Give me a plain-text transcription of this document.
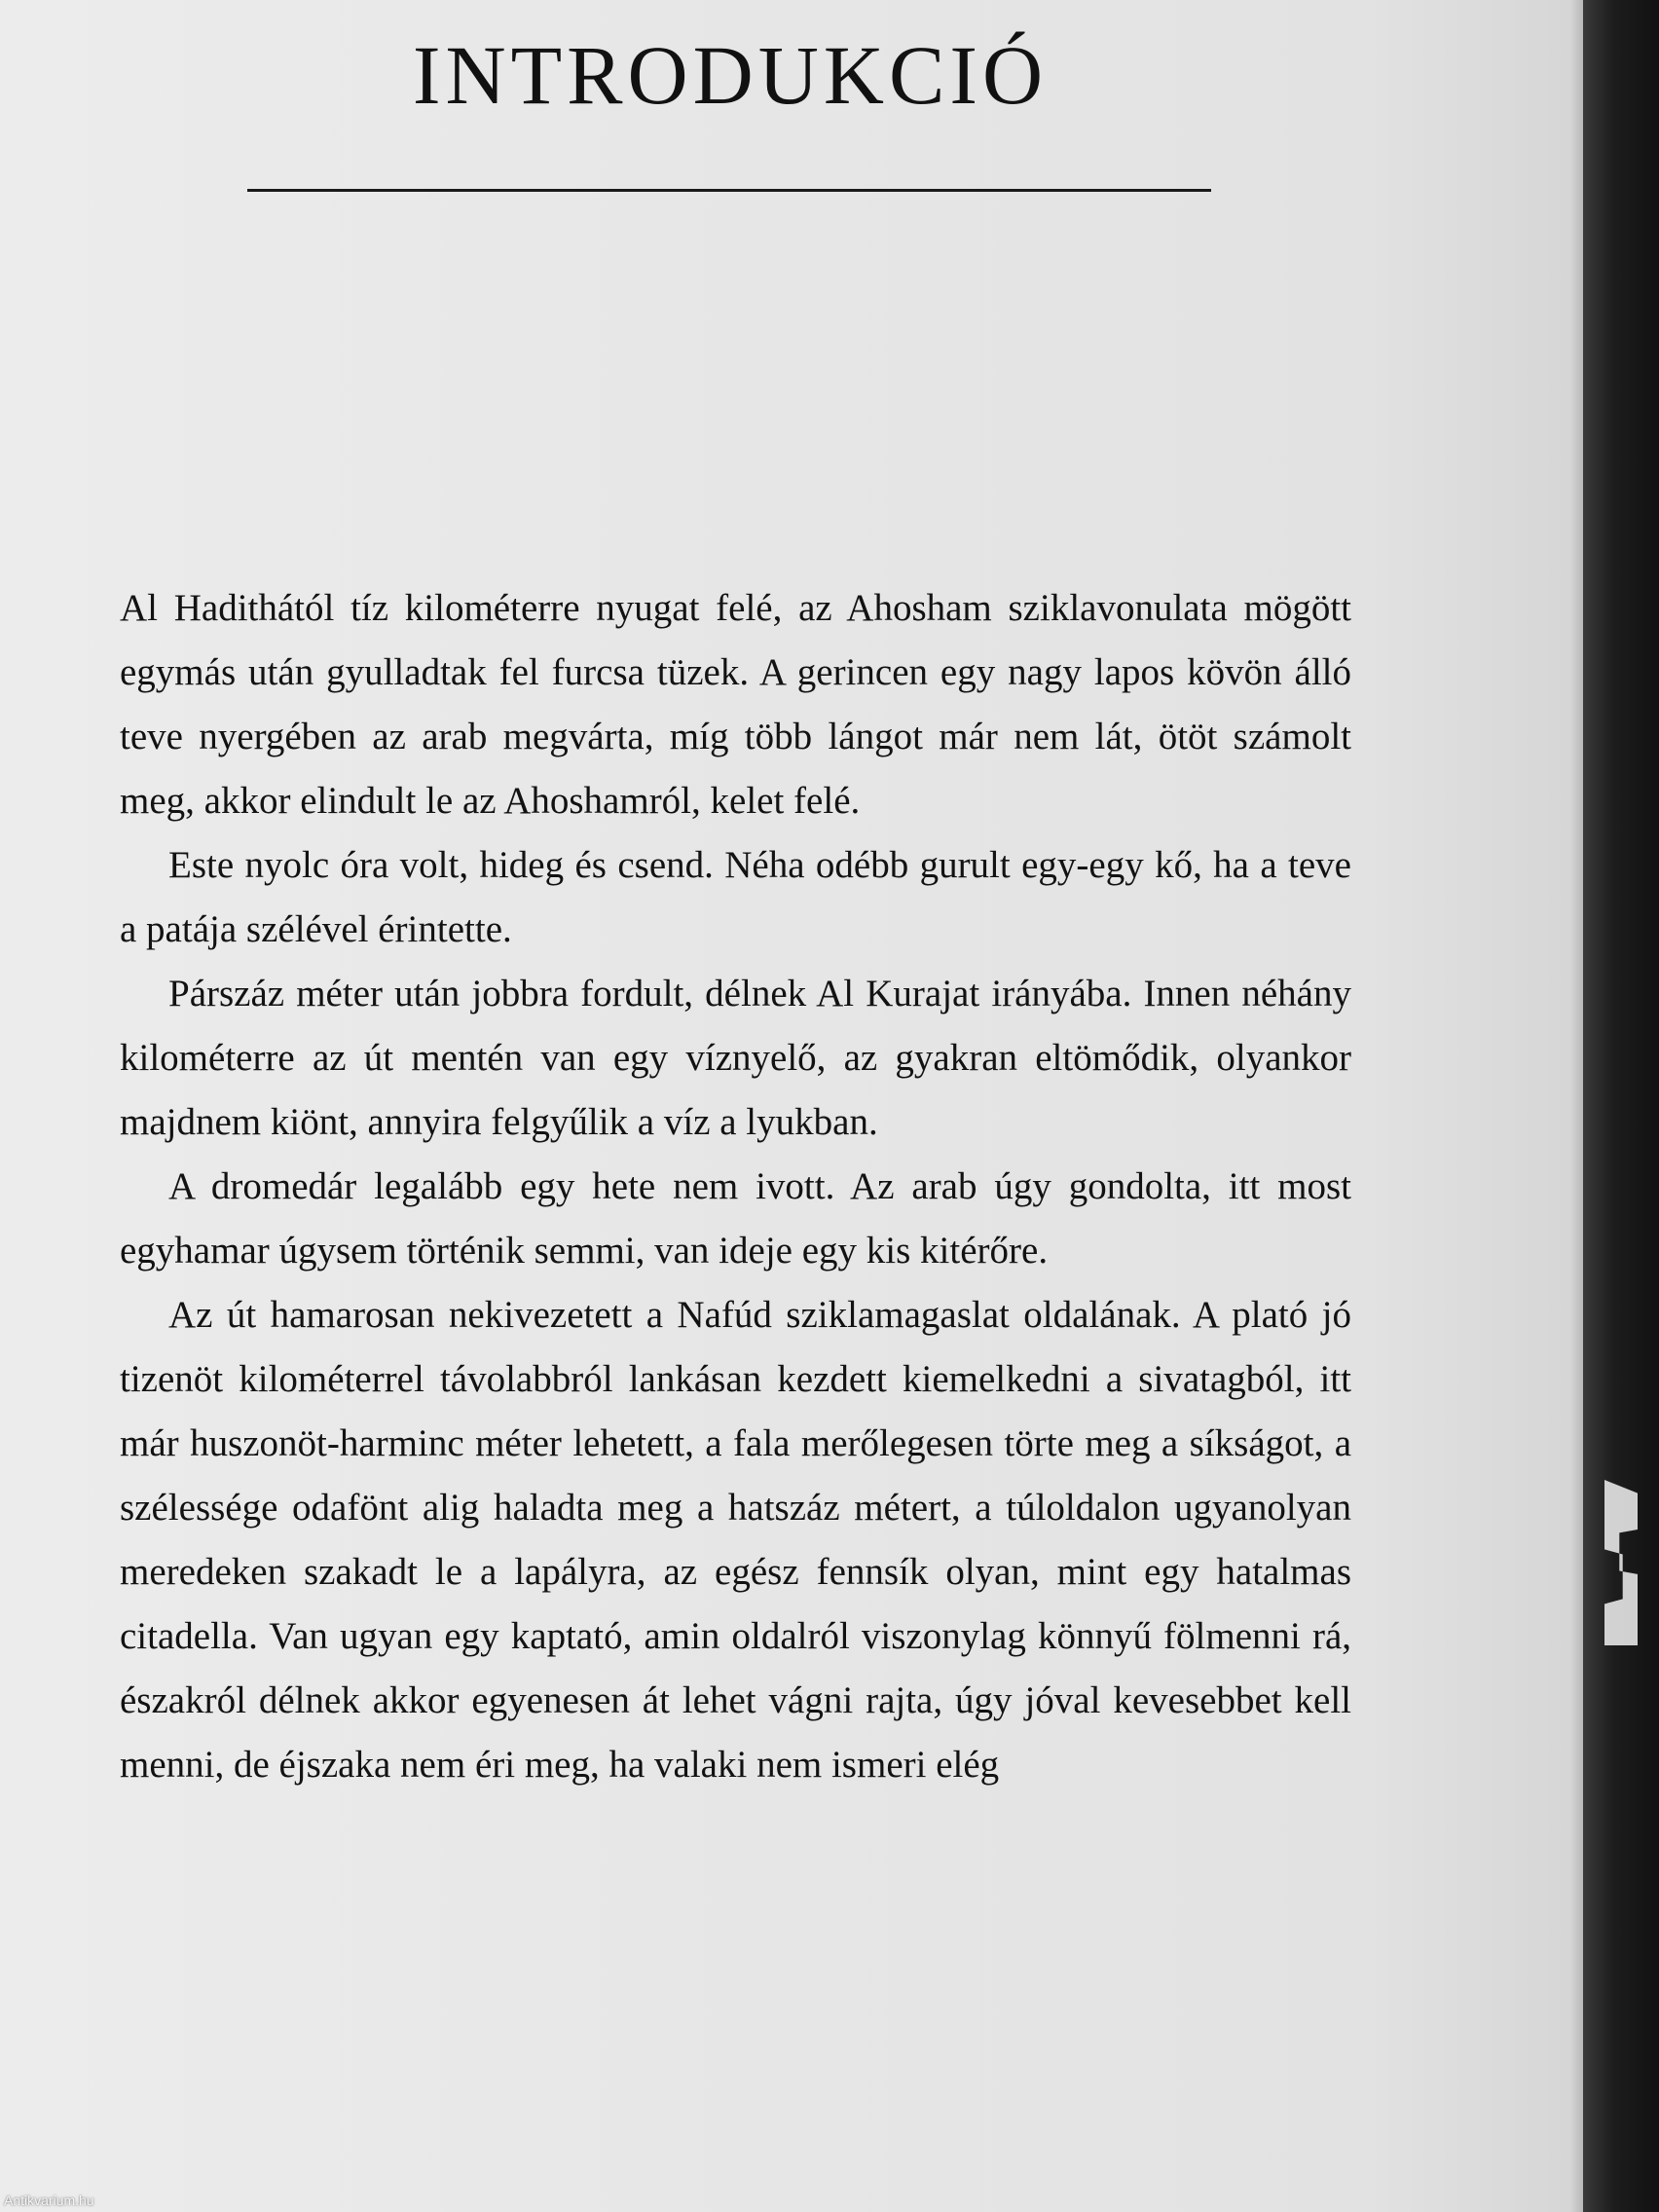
INTRODUKCIÓ

Al Hadithától tíz kilométerre nyugat felé, az Ahosham sziklavonulata mögött egymás után gyulladtak fel furcsa tüzek. A gerincen egy nagy lapos kövön álló teve nyergében az arab megvárta, míg több lángot már nem lát, ötöt számolt meg, akkor elindult le az Ahoshamról, kelet felé.

Este nyolc óra volt, hideg és csend. Néha odébb gurult egy-egy kő, ha a teve a patája szélével érintette.

Párszáz méter után jobbra fordult, délnek Al Kurajat irányába. Innen néhány kilométerre az út mentén van egy víznyelő, az gyakran eltömődik, olyankor majdnem kiönt, annyira felgyűlik a víz a lyukban.

A dromedár legalább egy hete nem ivott. Az arab úgy gondolta, itt most egyhamar úgysem történik semmi, van ideje egy kis kitérőre.

Az út hamarosan nekivezetett a Nafúd sziklamagaslat oldalának. A plató jó tizenöt kilométerrel távolabbról lankásan kezdett kiemelkedni a sivatagból, itt már huszonöt-harminc méter lehetett, a fala merőlegesen törte meg a síkságot, a szélessége odafönt alig haladta meg a hatszáz métert, a túloldalon ugyanolyan meredeken szakadt le a lapályra, az egész fennsík olyan, mint egy hatalmas citadella. Van ugyan egy kaptató, amin oldalról viszonylag könnyű fölmenni rá, északról délnek akkor egyenesen át lehet vágni rajta, úgy jóval kevesebbet kell menni, de éjszaka nem éri meg, ha valaki nem ismeri elég

Antikvarium.hu
